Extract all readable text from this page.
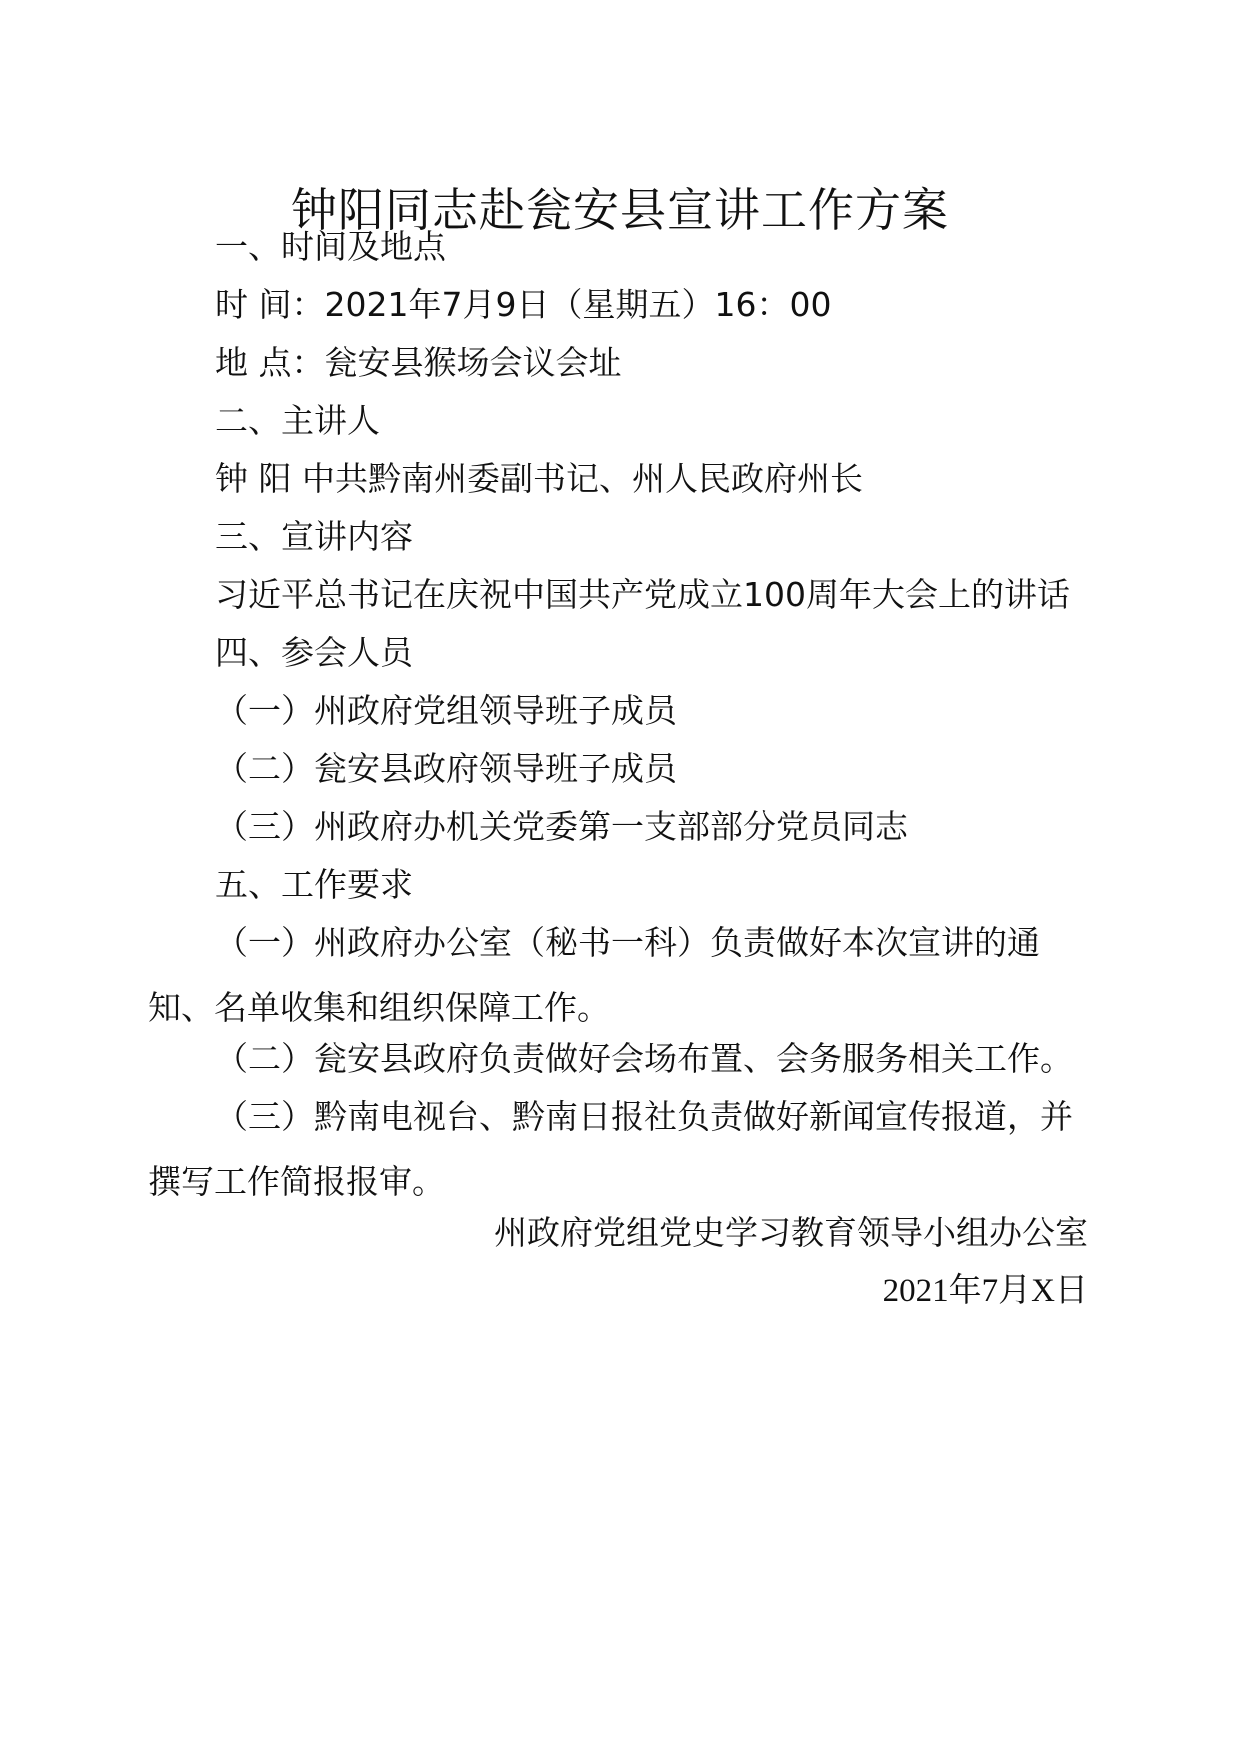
钟阳同志赴瓮安县宣讲工作方案
一、时间及地点
时 间：2021年7月9日（星期五）16：00
地 点：瓮安县猴场会议会址
二、主讲人
钟 阳 中共黔南州委副书记、州人民政府州长
三、宣讲内容
习近平总书记在庆祝中国共产党成立100周年大会上的讲话
四、参会人员
（一）州政府党组领导班子成员
（二）瓮安县政府领导班子成员
（三）州政府办机关党委第一支部部分党员同志
五、工作要求
（一）州政府办公室（秘书一科）负责做好本次宣讲的通知、名单收集和组织保障工作。
（二）瓮安县政府负责做好会场布置、会务服务相关工作。
（三）黔南电视台、黔南日报社负责做好新闻宣传报道，并撰写工作简报报审。
州政府党组党史学习教育领导小组办公室
2021年7月X日
